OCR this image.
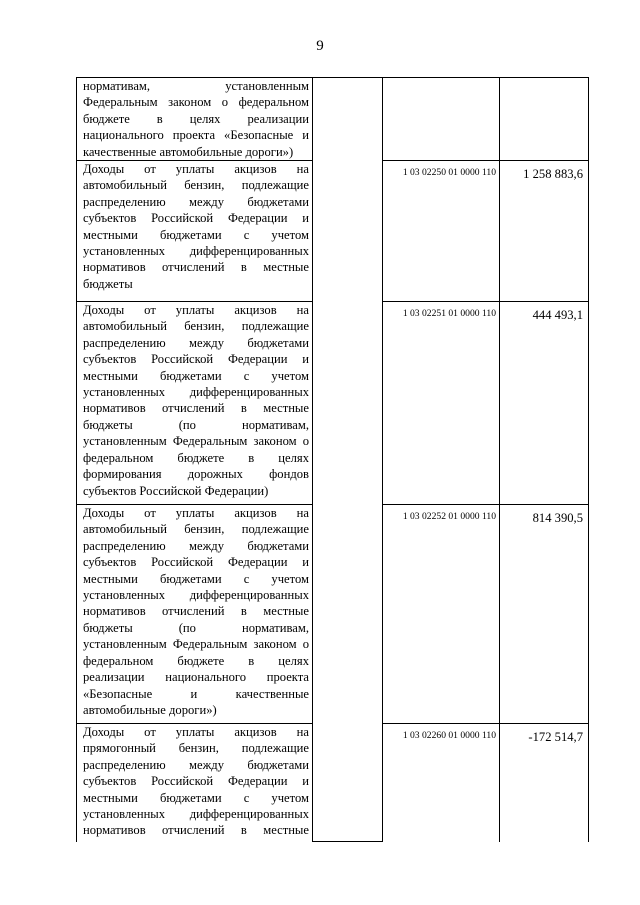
9
нормативам, установленным Федеральным законом о федеральном бюджете в целях реализации национального проекта «Безопасные и качественные автомобильные дороги»)			

Доходы от уплаты акцизов на автомобильный бензин, подлежащие распределению между бюджетами субъектов Российской Федерации и местными бюджетами с учетом установленных дифференцированных нормативов отчислений в местные бюджеты		1 03 02250 01 0000 110	1 258 883,6

Доходы от уплаты акцизов на автомобильный бензин, подлежащие распределению между бюджетами субъектов Российской Федерации и местными бюджетами с учетом установленных дифференцированных нормативов отчислений в местные бюджеты (по нормативам, установленным Федеральным законом о федеральном бюджете в целях формирования дорожных фондов субъектов Российской Федерации)		1 03 02251 01 0000 110	444 493,1

Доходы от уплаты акцизов на автомобильный бензин, подлежащие распределению между бюджетами субъектов Российской Федерации и местными бюджетами с учетом установленных дифференцированных нормативов отчислений в местные бюджеты (по нормативам, установленным Федеральным законом о федеральном бюджете в целях реализации национального проекта «Безопасные и качественные автомобильные дороги»)		1 03 02252 01 0000 110	814 390,5

Доходы от уплаты акцизов на прямогонный бензин, подлежащие распределению между бюджетами субъектов Российской Федерации и местными бюджетами с учетом установленных дифференцированных нормативов отчислений в местные		1 03 02260 01 0000 110	-172 514,7
